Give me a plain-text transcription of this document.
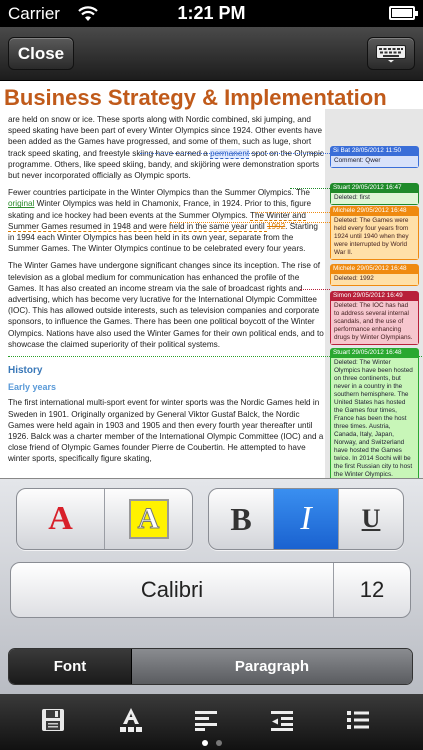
Carrier	1:21 PM
Close
Business Strategy & Implementation

are held on snow or ice. These sports along with Nordic combined, ski jumping, and speed skating have been part of every Winter Olympics since 1924. Other events have been added as the Games have progressed, and some of them, such as luge, short track speed skating, and freestyle skiing have earned a permanent spot on the Olympic programme. Others, like speed skiing, bandy, and skijöring were demonstration sports but never incorporated officially as Olympic sports.

Fewer countries participate in the Winter Olympics than the Summer Olympics. The original Winter Olympics was held in Chamonix, France, in 1924. Prior to this, figure skating and ice hockey had been events at the Summer Olympics. The Winter and Summer Games resumed in 1948 and were held in the same year until 1992. Starting in 1994 each Winter Olympics has been held in its own year, separate from the Summer Games. The Winter Olympics continue to be celebrated every four years.

The Winter Games have undergone significant changes since its inception. The rise of television as a global medium for communication has enhanced the profile of the Games. It has also created an income stream via the sale of broadcast rights and advertising, which has become very lucrative for the International Olympic Committee (IOC). This has allowed outside interests, such as television companies and corporate sponsors, to influence the Games. There has been one political boycott of the Winter Olympics. Nations have also used the Winter Games for their own political ends, and to showcase the claimed superiority of their political systems.

History
Early years

The first international multi-sport event for winter sports was the Nordic Games held in Sweden in 1901. Originally organized by General Viktor Gustaf Balck, the Nordic Games were held again in 1903 and 1905 and then every fourth year thereafter until 1926. Balck was a charter member of the International Olympic Committee (IOC) and a close friend of Olympic Games founder Pierre de Coubertin. He attempted to have winter sports, specifically figure skating,

Si Bat 28/05/2012 11:50
Comment: Qwer
Stuart 29/05/2012 16:47
Deleted: first
Michele 29/05/2012 16:48
Deleted: The Games were held every four years from 1924 until 1940 when they were interrupted by World War II.
Michele 29/05/2012 16:48
Deleted: 1992
Simon 29/05/2012 16:49
Deleted: The IOC has had to address several internal scandals, and the use of performance enhancing drugs by Winter Olympians.
Stuart 29/05/2012 16:48
Deleted: The Winter Olympics have been hosted on three continents, but never in a country in the southern hemisphere. The United States has hosted the Games four times, France has been the host three times. Austria, Canada, Italy, Japan, Norway, and Switzerland have hosted the Games twice. In 2014 Sochi will be the first Russian city to host the Winter Olympics.
A	A B I U
Calibri	12
Font	Paragraph
